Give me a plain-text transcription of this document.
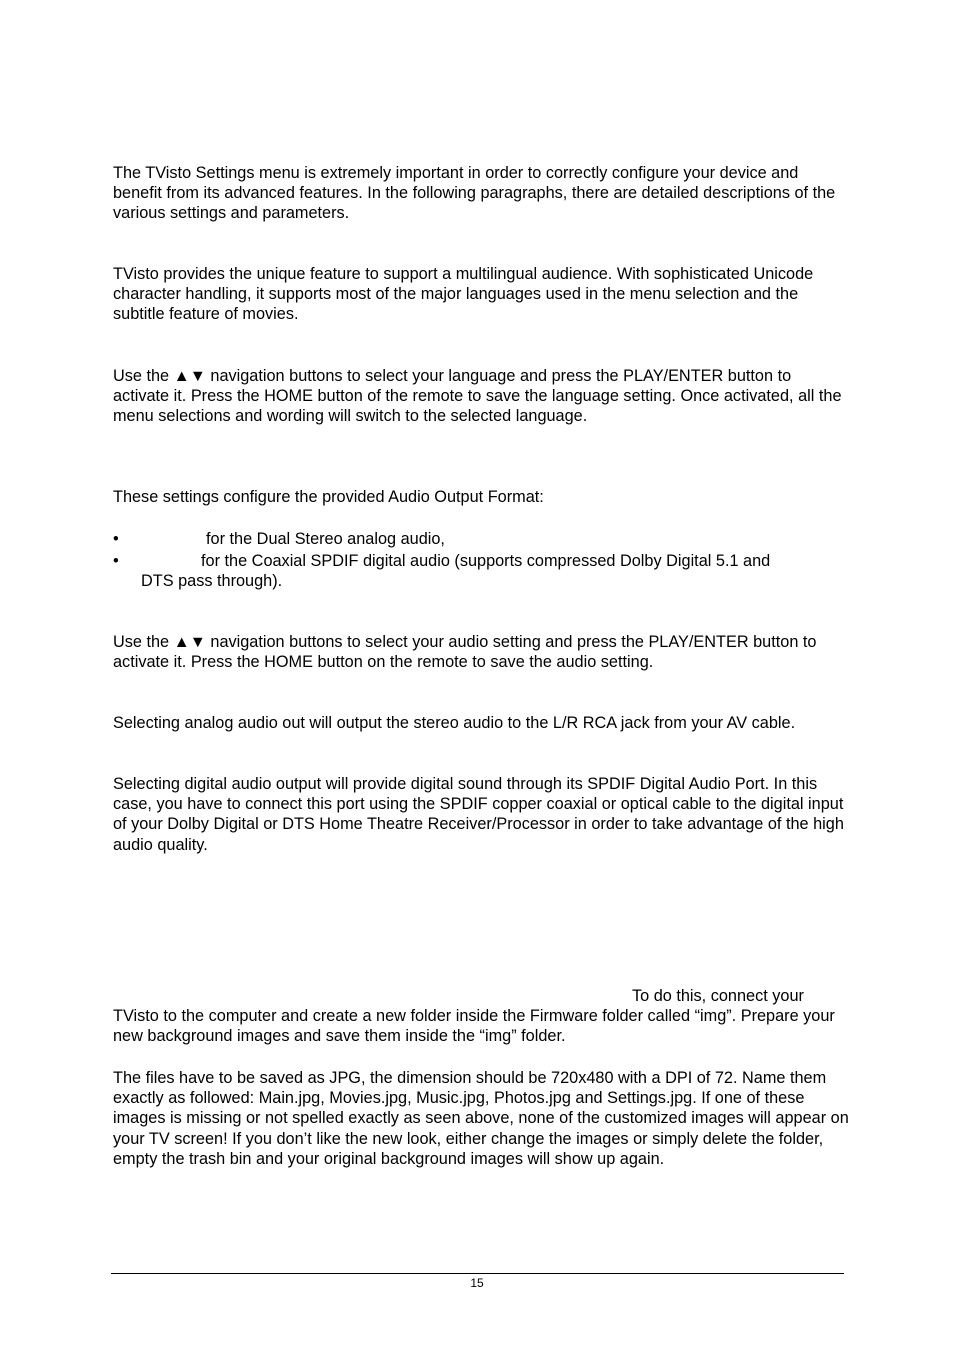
The TVisto Settings menu is extremely important in order to correctly configure your device and benefit from its advanced features. In the following paragraphs, there are detailed descriptions of the various settings and parameters.

TVisto provides the unique feature to support a multilingual audience. With sophisticated Unicode character handling, it supports most of the major languages used in the menu selection and the subtitle feature of movies.

Use the ▲▼ navigation buttons to select your language and press the PLAY/ENTER button to activate it. Press the HOME button of the remote to save the language setting. Once activated, all the menu selections and wording will switch to the selected language.

These settings configure the provided Audio Output Format:

•	for the Dual Stereo analog audio,
•	for the Coaxial SPDIF digital audio (supports compressed Dolby Digital 5.1 and
DTS pass through).

Use the ▲▼ navigation buttons to select your audio setting and press the PLAY/ENTER button to activate it. Press the HOME button on the remote to save the audio setting.

Selecting analog audio out will output the stereo audio to the L/R RCA jack from your AV cable.

Selecting digital audio output will provide digital sound through its SPDIF Digital Audio Port. In this case, you have to connect this port using the SPDIF copper coaxial or optical cable to the digital input of your Dolby Digital or DTS Home Theatre Receiver/Processor in order to take advantage of the high audio quality.

To do this, connect your

TVisto to the computer and create a new folder inside the Firmware folder called “img”. Prepare your new background images and save them inside the “img” folder.

The files have to be saved as JPG, the dimension should be 720x480 with a DPI of 72. Name them exactly as followed: Main.jpg, Movies.jpg, Music.jpg, Photos.jpg and Settings.jpg. If one of these images is missing or not spelled exactly as seen above, none of the customized images will appear on your TV screen! If you don’t like the new look, either change the images or simply delete the folder, empty the trash bin and your original background images will show up again.

15
